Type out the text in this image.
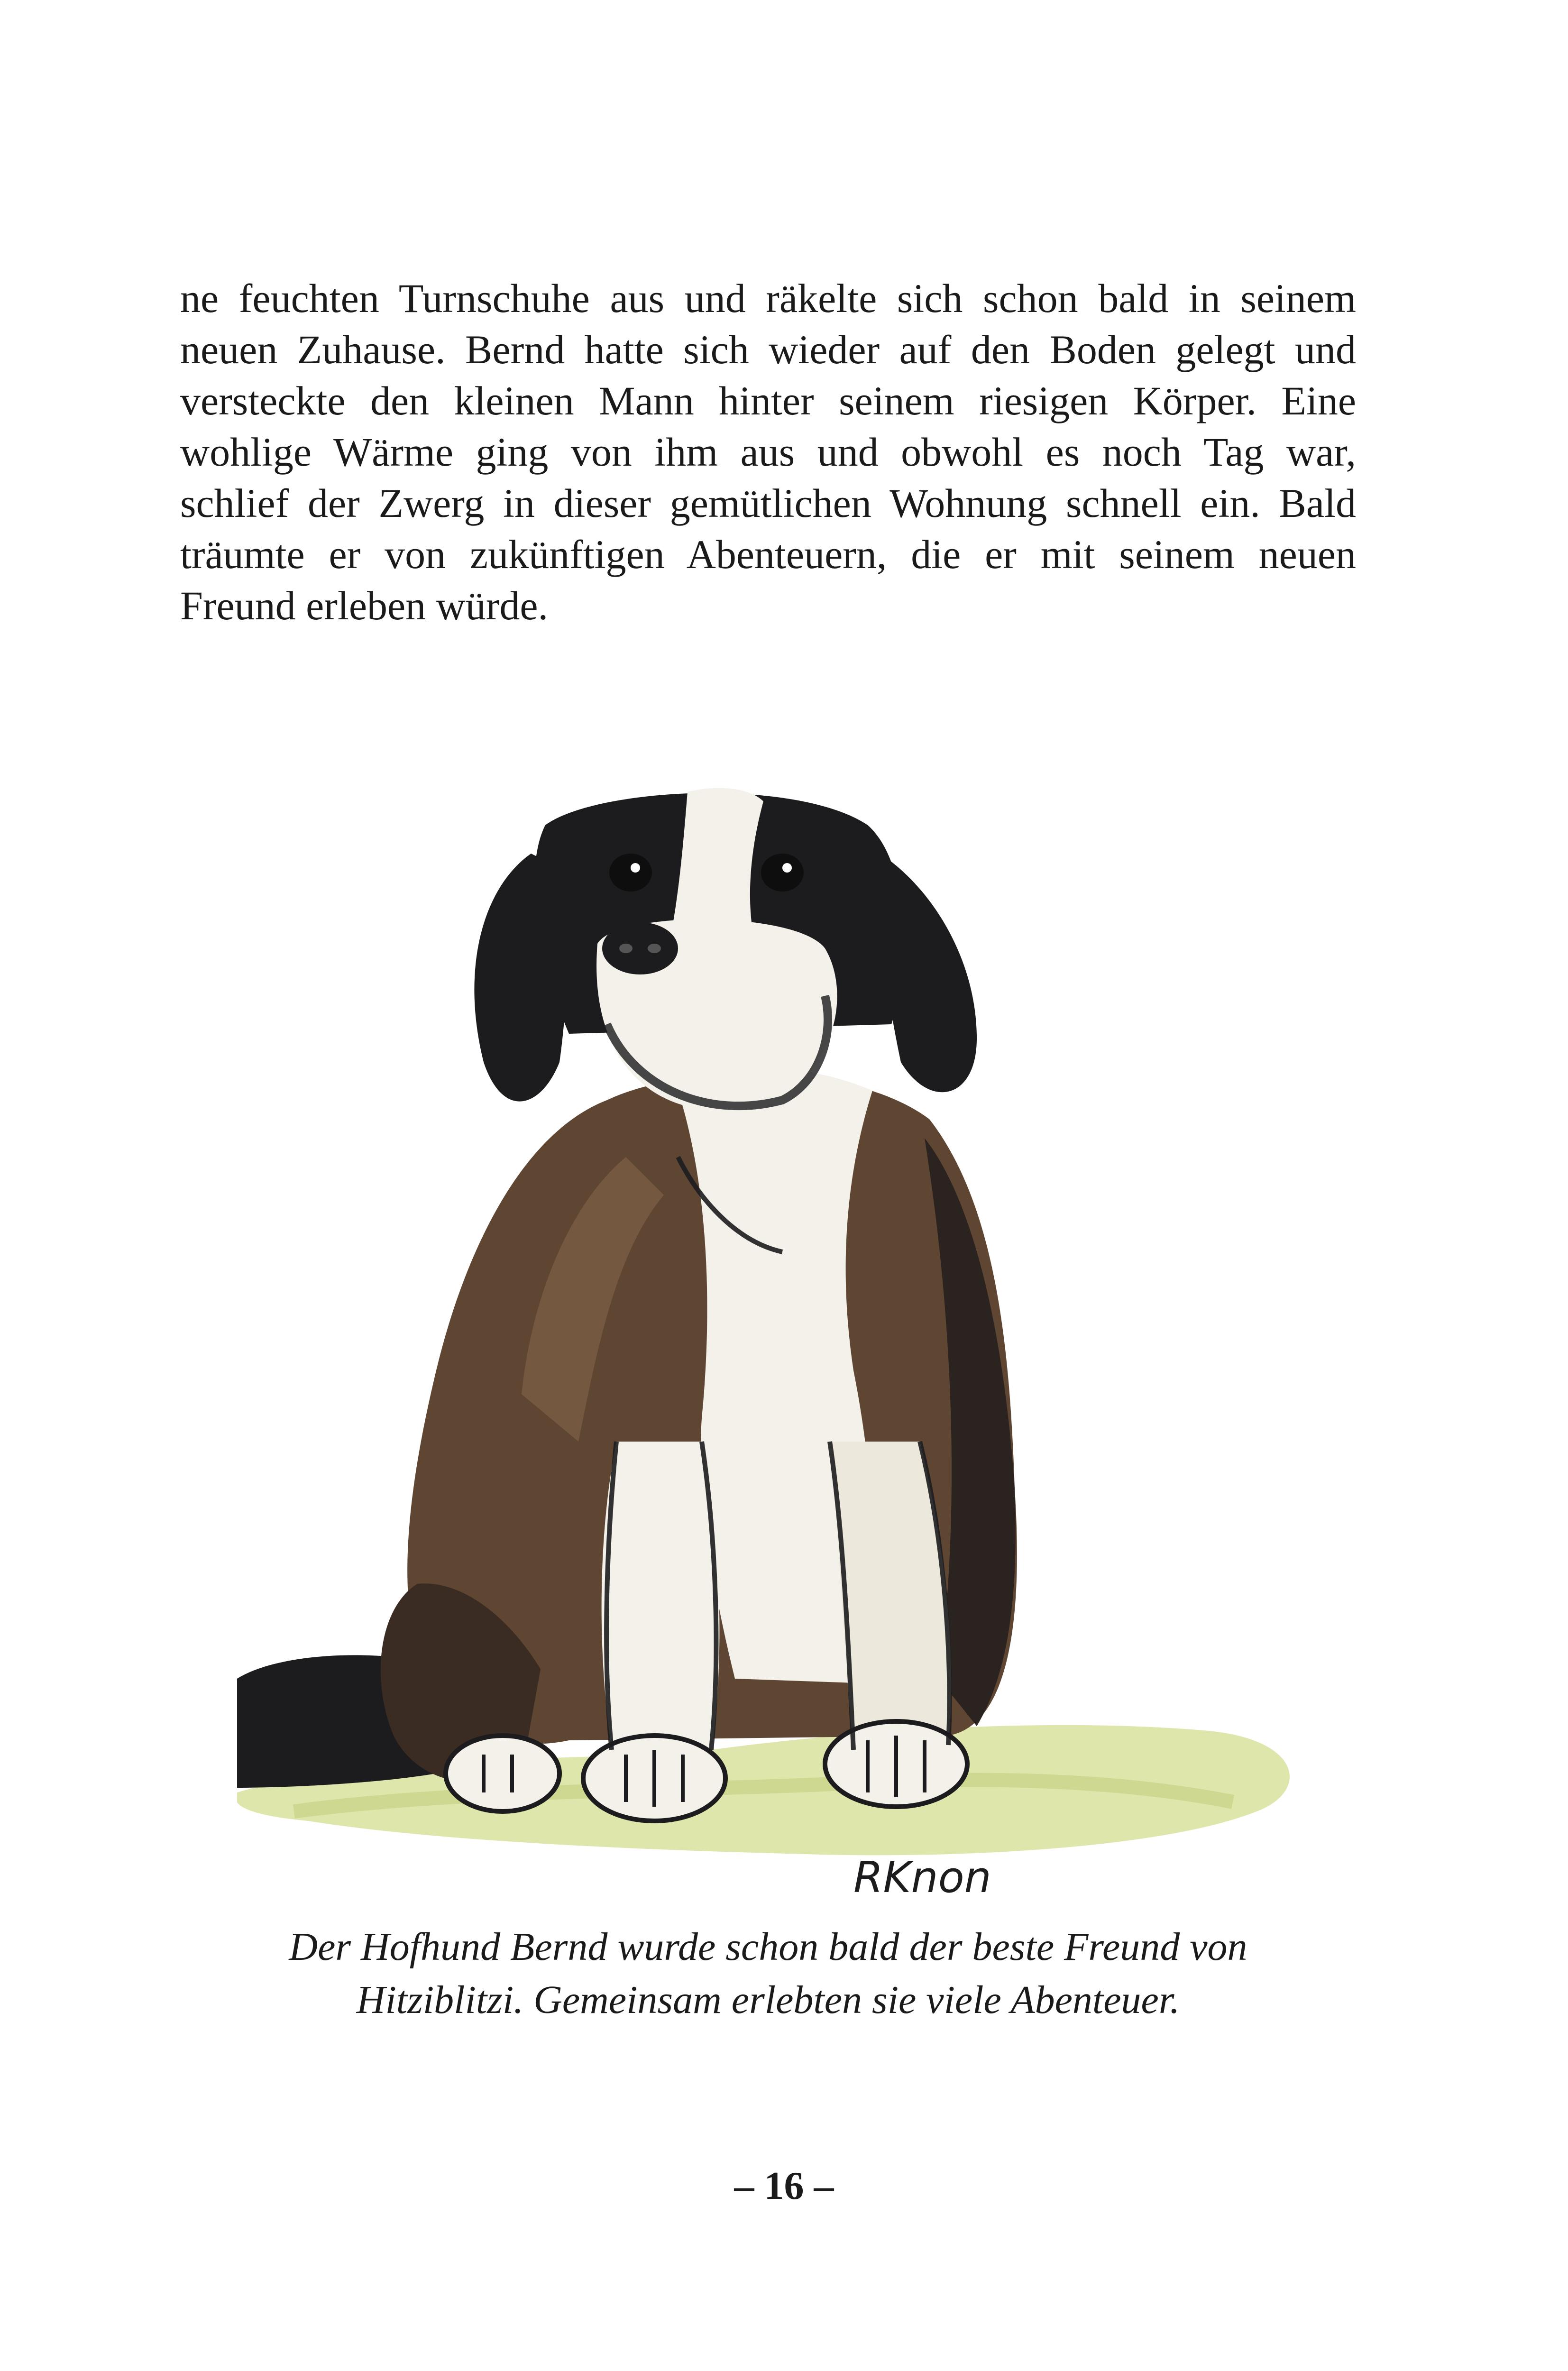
ne feuchten Turnschuhe aus und räkelte sich schon bald in seinem
neuen Zuhause. Bernd hatte sich wieder auf den Boden gelegt und
versteckte den kleinen Mann hinter seinem riesigen Körper. Eine
wohlige Wärme ging von ihm aus und obwohl es noch Tag war,
schlief der Zwerg in dieser gemütlichen Wohnung schnell ein. Bald
träumte er von zukünftigen Abenteuern, die er mit seinem neuen
Freund erleben würde.
RKnon

Der Hofhund Bernd wurde schon bald der beste Freund von
Hitziblitzi. Gemeinsam erlebten sie viele Abenteuer.

– 16 –
